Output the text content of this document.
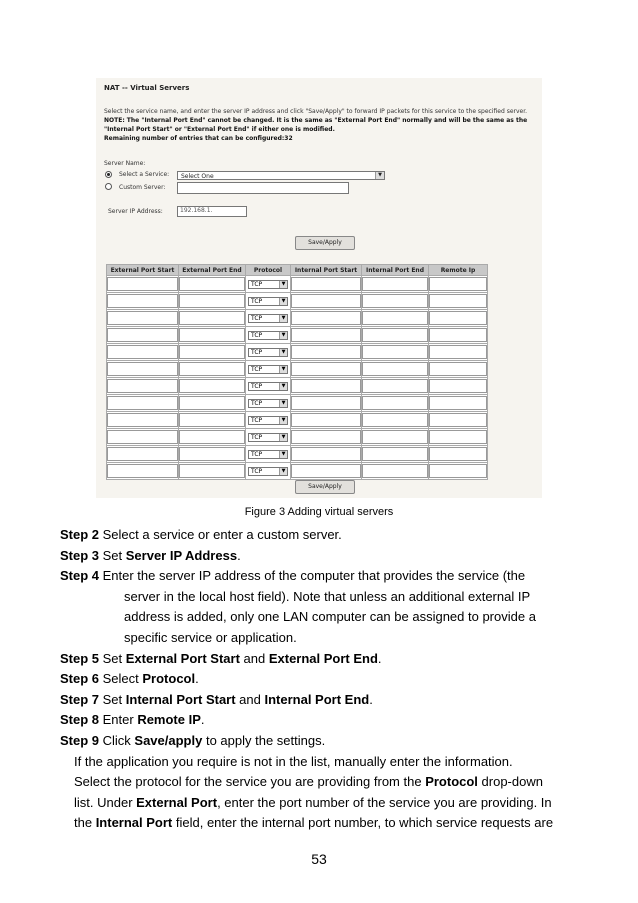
NAT -- Virtual Servers
Select the service name, and enter the server IP address and click "Save/Apply" to forward IP packets for this service to the specified server. NOTE: The "Internal Port End" cannot be changed. It is the same as "External Port End" normally and will be the same as the "Internal Port Start" or "External Port End" if either one is modified.
Remaining number of entries that can be configured:32
Server Name:
Select a Service:	Select One	▼
Custom Server:
Server IP Address:	192.168.1.
Save/Apply
External Port Start	External Port End	Protocol	Internal Port Start	Internal Port End	Remote Ip

		TCP ▼			

		TCP ▼			

		TCP ▼			

		TCP ▼			

		TCP ▼			

		TCP ▼			

		TCP ▼			

		TCP ▼			

		TCP ▼			

		TCP ▼			

		TCP ▼			

		TCP ▼			

Save/Apply
Figure 3 Adding virtual servers

Step 2 Select a service or enter a custom server.

Step 3 Set Server IP Address.

Step 4 Enter the server IP address of the computer that provides the service (the

server in the local host field). Note that unless an additional external IP

address is added, only one LAN computer can be assigned to provide a

specific service or application.

Step 5 Set External Port Start and External Port End.

Step 6 Select Protocol.

Step 7 Set Internal Port Start and Internal Port End.

Step 8 Enter Remote IP.

Step 9 Click Save/apply to apply the settings.

If the application you require is not in the list, manually enter the information.

Select the protocol for the service you are providing from the Protocol drop-down

list. Under External Port, enter the port number of the service you are providing. In

the Internal Port field, enter the internal port number, to which service requests are

53
